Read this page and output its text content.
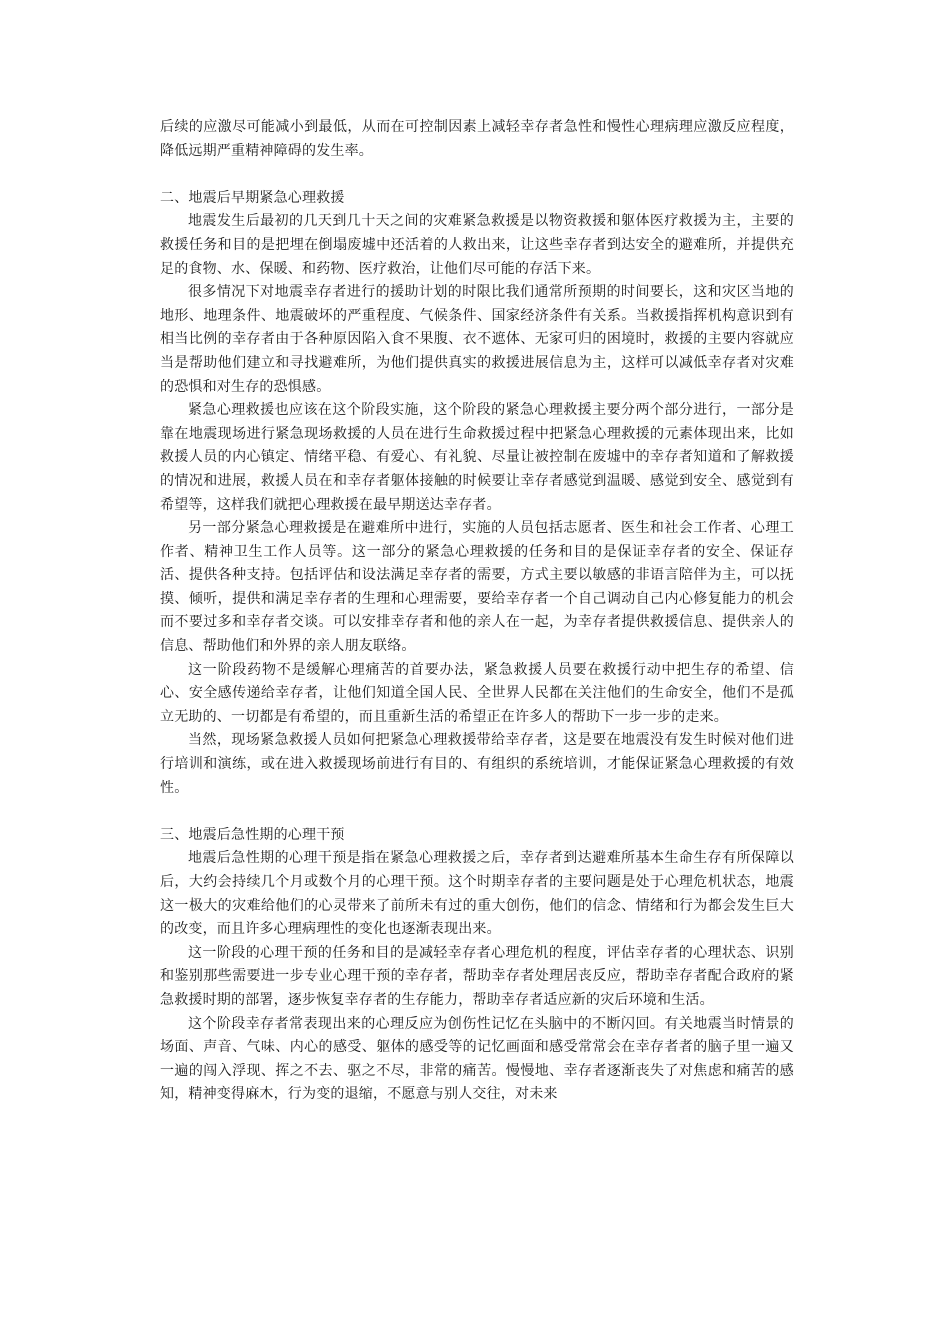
后续的应激尽可能减小到最低，从而在可控制因素上减轻幸存者急性和慢性心理病理应激反应程度，降低远期严重精神障碍的发生率。

二、地震后早期紧急心理救援

地震发生后最初的几天到几十天之间的灾难紧急救援是以物资救援和躯体医疗救援为主，主要的救援任务和目的是把埋在倒塌废墟中还活着的人救出来，让这些幸存者到达安全的避难所，并提供充足的食物、水、保暖、和药物、医疗救治，让他们尽可能的存活下来。

很多情况下对地震幸存者进行的援助计划的时限比我们通常所预期的时间要长，这和灾区当地的地形、地理条件、地震破坏的严重程度、气候条件、国家经济条件有关系。当救援指挥机构意识到有相当比例的幸存者由于各种原因陷入食不果腹、衣不遮体、无家可归的困境时，救援的主要内容就应当是帮助他们建立和寻找避难所，为他们提供真实的救援进展信息为主，这样可以减低幸存者对灾难的恐惧和对生存的恐惧感。

紧急心理救援也应该在这个阶段实施，这个阶段的紧急心理救援主要分两个部分进行，一部分是靠在地震现场进行紧急现场救援的人员在进行生命救援过程中把紧急心理救援的元素体现出来，比如救援人员的内心镇定、情绪平稳、有爱心、有礼貌、尽量让被控制在废墟中的幸存者知道和了解救援的情况和进展，救援人员在和幸存者躯体接触的时候要让幸存者感觉到温暖、感觉到安全、感觉到有希望等，这样我们就把心理救援在最早期送达幸存者。

另一部分紧急心理救援是在避难所中进行，实施的人员包括志愿者、医生和社会工作者、心理工作者、精神卫生工作人员等。这一部分的紧急心理救援的任务和目的是保证幸存者的安全、保证存活、提供各种支持。包括评估和设法满足幸存者的需要，方式主要以敏感的非语言陪伴为主，可以抚摸、倾听，提供和满足幸存者的生理和心理需要，要给幸存者一个自己调动自己内心修复能力的机会而不要过多和幸存者交谈。可以安排幸存者和他的亲人在一起，为幸存者提供救援信息、提供亲人的信息、帮助他们和外界的亲人朋友联络。

这一阶段药物不是缓解心理痛苦的首要办法，紧急救援人员要在救援行动中把生存的希望、信心、安全感传递给幸存者，让他们知道全国人民、全世界人民都在关注他们的生命安全，他们不是孤立无助的、一切都是有希望的，而且重新生活的希望正在许多人的帮助下一步一步的走来。

当然，现场紧急救援人员如何把紧急心理救援带给幸存者，这是要在地震没有发生时候对他们进行培训和演练，或在进入救援现场前进行有目的、有组织的系统培训，才能保证紧急心理救援的有效性。

三、地震后急性期的心理干预

地震后急性期的心理干预是指在紧急心理救援之后，幸存者到达避难所基本生命生存有所保障以后，大约会持续几个月或数个月的心理干预。这个时期幸存者的主要问题是处于心理危机状态，地震这一极大的灾难给他们的心灵带来了前所未有过的重大创伤，他们的信念、情绪和行为都会发生巨大的改变，而且许多心理病理性的变化也逐渐表现出来。

这一阶段的心理干预的任务和目的是减轻幸存者心理危机的程度，评估幸存者的心理状态、识别和鉴别那些需要进一步专业心理干预的幸存者，帮助幸存者处理居丧反应，帮助幸存者配合政府的紧急救援时期的部署，逐步恢复幸存者的生存能力，帮助幸存者适应新的灾后环境和生活。

这个阶段幸存者常表现出来的心理反应为创伤性记忆在头脑中的不断闪回。有关地震当时情景的场面、声音、气味、内心的感受、躯体的感受等的记忆画面和感受常常会在幸存者者的脑子里一遍又一遍的闯入浮现、挥之不去、驱之不尽，非常的痛苦。慢慢地、幸存者逐渐丧失了对焦虑和痛苦的感知，精神变得麻木，行为变的退缩，不愿意与别人交往，对未来
